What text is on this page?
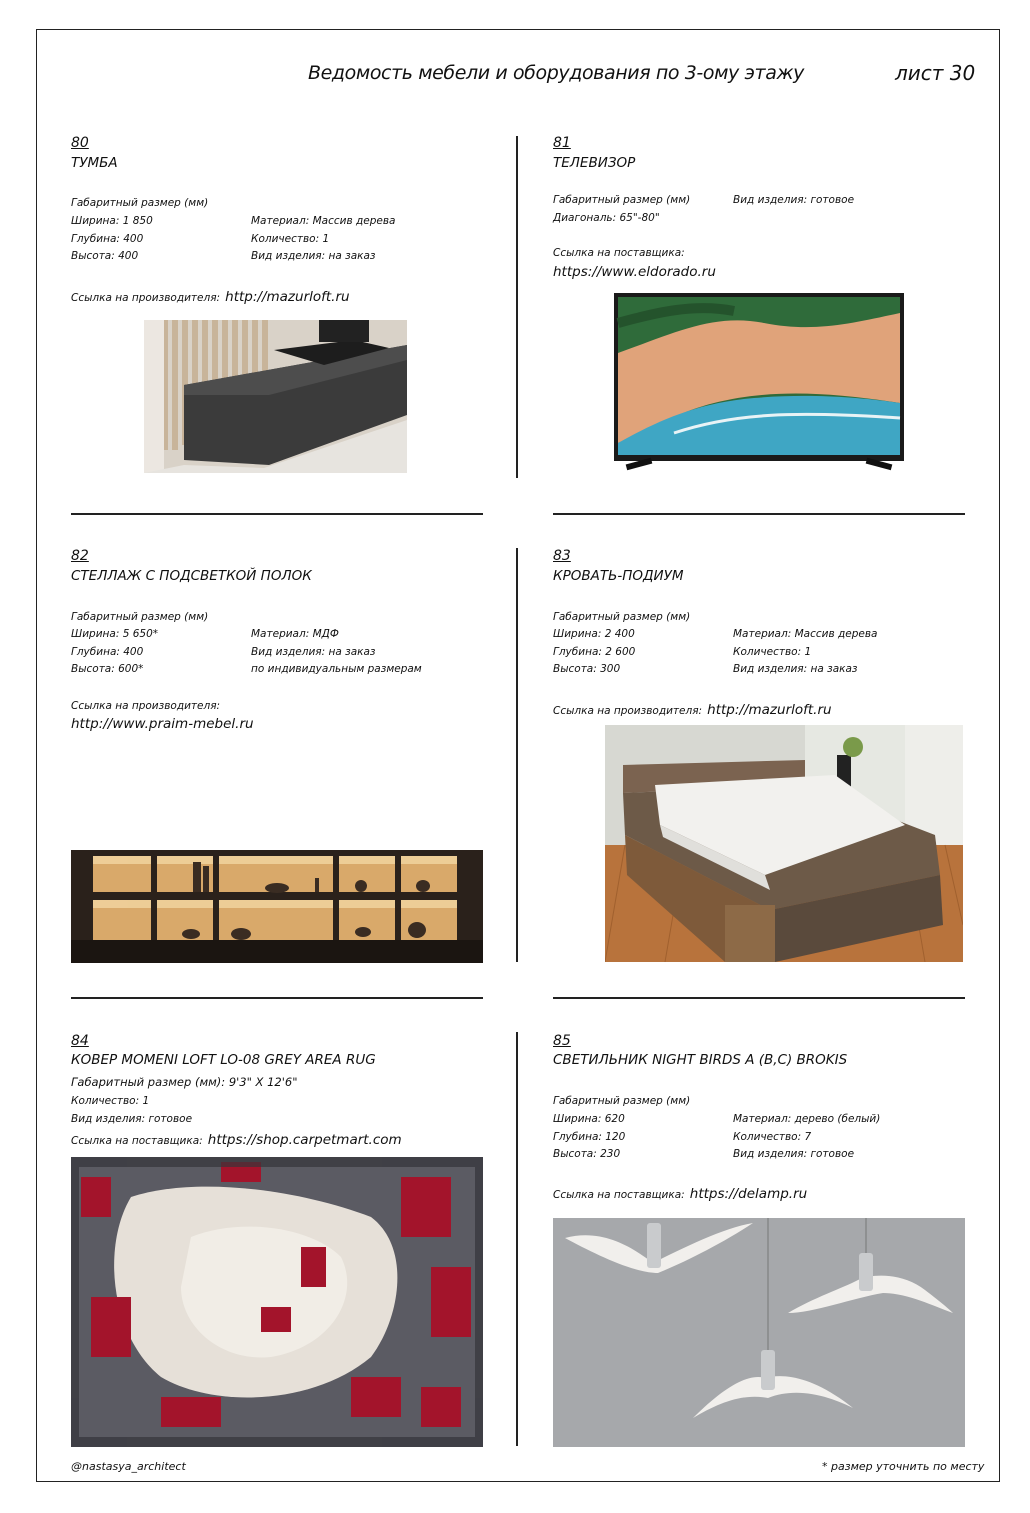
Ведомость мебели и оборудования по 3-ому этажу	лист 30
80
ТУМБА
Габаритный размер (мм)
Ширина: 1 850
Глубина: 400
Высота: 400
Материал: Массив дерева
Количество: 1
Вид изделия: на заказ
Ссылка на производителя: http://mazurloft.ru
81
ТЕЛЕВИЗОР
Габаритный размер (мм)	Вид изделия: готовое
Диагональ: 65"-80"
Ссылка на поставщика:
https://www.eldorado.ru
82
СТЕЛЛАЖ С ПОДСВЕТКОЙ ПОЛОК
Габаритный размер (мм)
Ширина: 5 650*
Глубина: 400
Высота: 600*
Материал: МДФ
Вид изделия: на заказ
по индивидуальным размерам
Ссылка на производителя:
http://www.praim-mebel.ru
83
КРОВАТЬ-ПОДИУМ
Габаритный размер (мм)
Ширина: 2 400
Глубина: 2 600
Высота: 300
Материал: Массив дерева
Количество: 1
Вид изделия: на заказ
Ссылка на производителя: http://mazurloft.ru
84
КОВЕР MOMENI LOFT LO-08 GREY AREA RUG
Габаритный размер (мм): 9'3" X 12'6"
Количество: 1
Вид изделия: готовое
Ссылка на поставщика: https://shop.carpetmart.com
85
СВЕТИЛЬНИК NIGHT BIRDS A (B,C) BROKIS
Габаритный размер (мм)
Ширина: 620
Глубина: 120
Высота: 230
Материал: дерево (белый)
Количество: 7
Вид изделия: готовое
Ссылка на поставщика: https://delamp.ru
@nastasya_architect	* размер уточнить по месту
